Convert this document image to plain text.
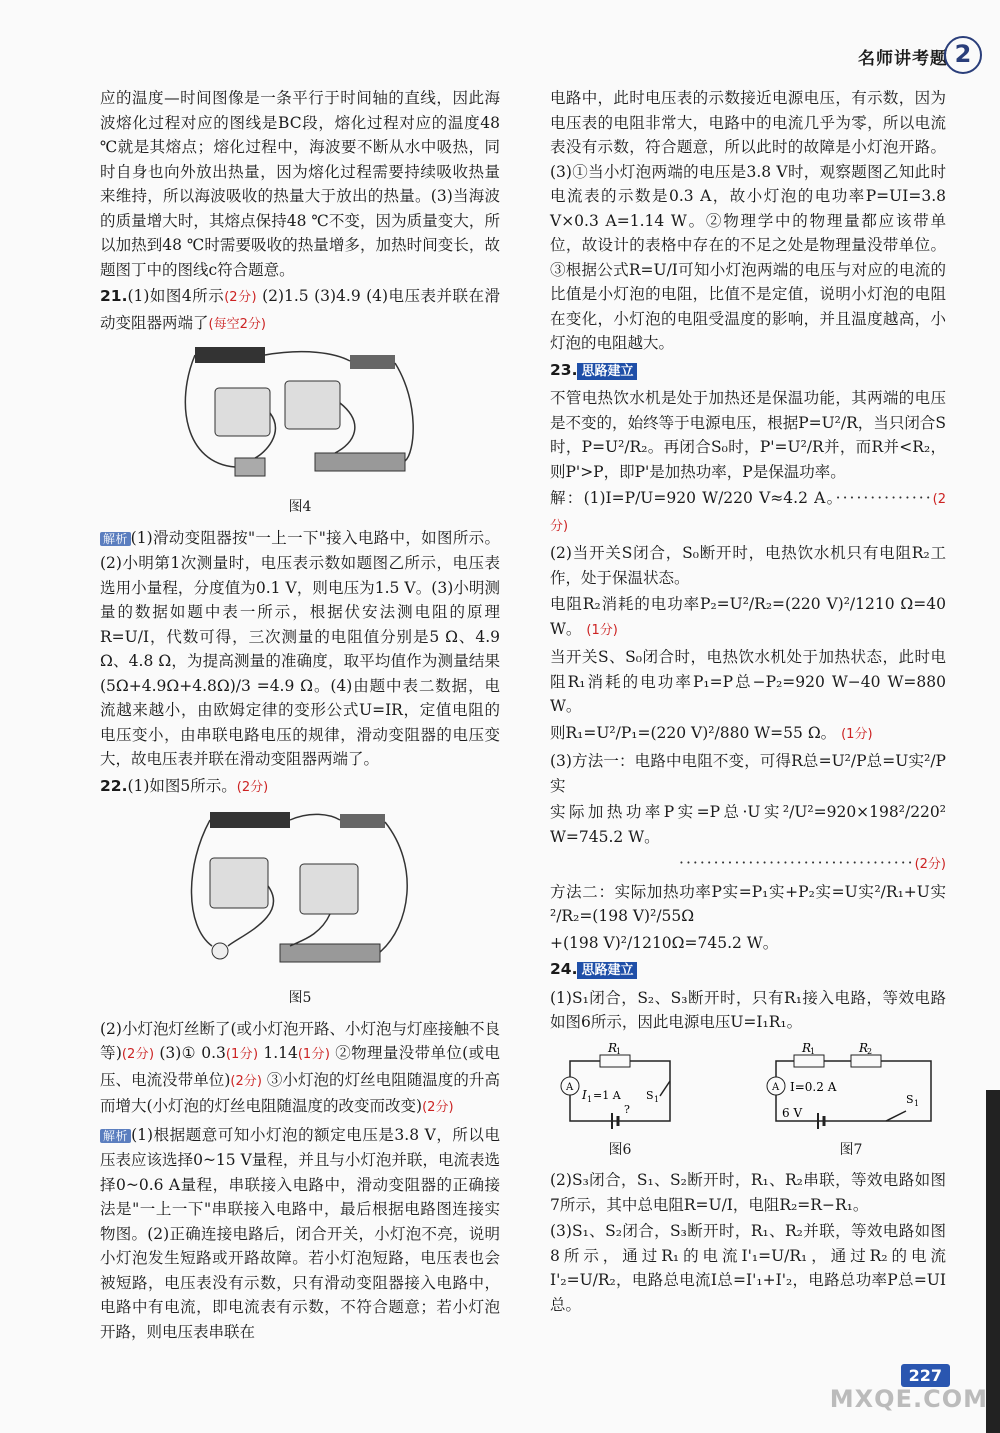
名师讲考题 2

应的温度—时间图像是一条平行于时间轴的直线，因此海波熔化过程对应的图线是BC段，熔化过程对应的温度48 ℃就是其熔点；熔化过程中，海波要不断从水中吸热，同时自身也向外放出热量，因为熔化过程需要持续吸收热量来维持，所以海波吸收的热量大于放出的热量。(3)当海波的质量增大时，其熔点保持48 ℃不变，因为质量变大，所以加热到48 ℃时需要吸收的热量增多，加热时间变长，故题图丁中的图线c符合题意。

21.(1)如图4所示(2分) (2)1.5 (3)4.9 (4)电压表并联在滑动变阻器两端了(每空2分)

图4

解析 (1)滑动变阻器按"一上一下"接入电路中，如图所示。(2)小明第1次测量时，电压表示数如题图乙所示，电压表选用小量程，分度值为0.1 V，则电压为1.5 V。(3)小明测量的数据如题中表一所示，根据伏安法测电阻的原理R=U/I，代数可得，三次测量的电阻值分别是5 Ω、4.9 Ω、4.8 Ω，为提高测量的准确度，取平均值作为测量结果 (5Ω+4.9Ω+4.8Ω)/3 =4.9 Ω。(4)由题中表二数据，电流越来越小，由欧姆定律的变形公式U=IR，定值电阻的电压变小，由串联电路电压的规律，滑动变阻器的电压变大，故电压表并联在滑动变阻器两端了。

22.(1)如图5所示。(2分)

图5

(2)小灯泡灯丝断了(或小灯泡开路、小灯泡与灯座接触不良等)(2分) (3)① 0.3(1分) 1.14(1分) ②物理量没带单位(或电压、电流没带单位)(2分) ③小灯泡的灯丝电阻随温度的升高而增大(小灯泡的灯丝电阻随温度的改变而改变)(2分)

解析 (1)根据题意可知小灯泡的额定电压是3.8 V，所以电压表应该选择0~15 V量程，并且与小灯泡并联，电流表选择0~0.6 A量程，串联接入电路中，滑动变阻器的正确接法是"一上一下"串联接入电路中，最后根据电路图连接实物图。(2)正确连接电路后，闭合开关，小灯泡不亮，说明小灯泡发生短路或开路故障。若小灯泡短路，电压表也会被短路，电压表没有示数，只有滑动变阻器接入电路中，电路中有电流，即电流表有示数，不符合题意；若小灯泡开路，则电压表串联在

电路中，此时电压表的示数接近电源电压，有示数，因为电压表的电阻非常大，电路中的电流几乎为零，所以电流表没有示数，符合题意，所以此时的故障是小灯泡开路。(3)①当小灯泡两端的电压是3.8 V时，观察题图乙知此时电流表的示数是0.3 A，故小灯泡的电功率P=UI=3.8 V×0.3 A=1.14 W。②物理学中的物理量都应该带单位，故设计的表格中存在的不足之处是物理量没带单位。③根据公式R=U/I可知小灯泡两端的电压与对应的电流的比值是小灯泡的电阻，比值不是定值，说明小灯泡的电阻在变化，小灯泡的电阻受温度的影响，并且温度越高，小灯泡的电阻越大。

23. 思路建立

不管电热饮水机是处于加热还是保温功能，其两端的电压是不变的，始终等于电源电压，根据P=U²/R，当只闭合S时，P=U²/R₂。再闭合S₀时，P'=U²/R并，而R并<R₂，则P'>P，即P'是加热功率，P是保温功率。

解：(1)I=P/U=920 W/220 V≈4.2 A。··············(2分)

(2)当开关S闭合，S₀断开时，电热饮水机只有电阻R₂工作，处于保温状态。

电阻R₂消耗的电功率P₂=U²/R₂=(220 V)²/1210 Ω=40 W。 (1分)

当开关S、S₀闭合时，电热饮水机处于加热状态，此时电阻R₁消耗的电功率P₁=P总−P₂=920 W−40 W=880 W。

则R₁=U²/P₁=(220 V)²/880 W=55 Ω。 (1分)

(3)方法一：电路中电阻不变，可得R总=U²/P总=U实²/P实

实际加热功率P实=P总·U实²/U²=920×198²/220² W=745.2 W。

··································(2分)

方法二：实际加热功率P实=P₁实+P₂实=U实²/R₁+U实²/R₂=(198 V)²/55Ω

+(198 V)²/1210Ω=745.2 W。

24. 思路建立

(1)S₁闭合，S₂、S₃断开时，只有R₁接入电路，等效电路如图6所示，因此电源电压U=I₁R₁。

R
1
A
I 1 =1 A S 1
?
图6
R
1	R
2
A I=0.2 A
6 V
S 1
图7

(2)S₃闭合，S₁、S₂断开时，R₁、R₂串联，等效电路如图7所示，其中总电阻R=U/I，电阻R₂=R−R₁。

(3)S₁、S₂闭合，S₃断开时，R₁、R₂并联，等效电路如图8所示，通过R₁的电流I'₁=U/R₁，通过R₂的电流I'₂=U/R₂，电路总电流I总=I'₁+I'₂，电路总功率P总=UI总。

227
MXQE.COM
